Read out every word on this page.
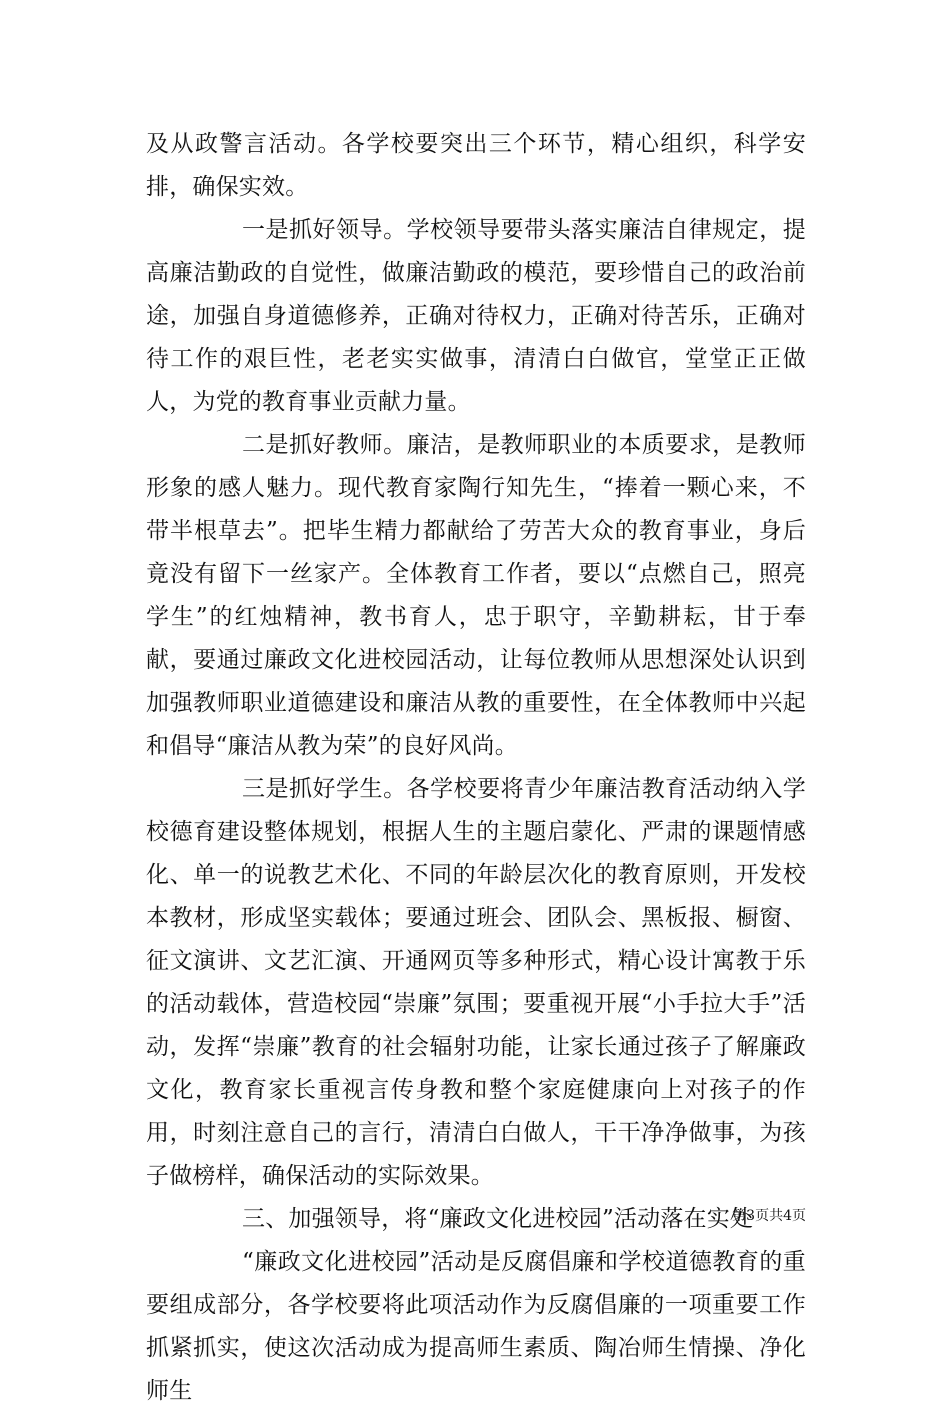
及从政警言活动。各学校要突出三个环节，精心组织，科学安排，确保实效。

一是抓好领导。学校领导要带头落实廉洁自律规定，提高廉洁勤政的自觉性，做廉洁勤政的模范，要珍惜自己的政治前途，加强自身道德修养，正确对待权力，正确对待苦乐，正确对待工作的艰巨性，老老实实做事，清清白白做官，堂堂正正做人，为党的教育事业贡献力量。

二是抓好教师。廉洁，是教师职业的本质要求，是教师形象的感人魅力。现代教育家陶行知先生，“捧着一颗心来，不带半根草去”。把毕生精力都献给了劳苦大众的教育事业，身后竟没有留下一丝家产。全体教育工作者，要以“点燃自己，照亮学生”的红烛精神，教书育人，忠于职守，辛勤耕耘，甘于奉献，要通过廉政文化进校园活动，让每位教师从思想深处认识到加强教师职业道德建设和廉洁从教的重要性，在全体教师中兴起和倡导“廉洁从教为荣”的良好风尚。

三是抓好学生。各学校要将青少年廉洁教育活动纳入学校德育建设整体规划，根据人生的主题启蒙化、严肃的课题情感化、单一的说教艺术化、不同的年龄层次化的教育原则，开发校本教材，形成坚实载体；要通过班会、团队会、黑板报、橱窗、征文演讲、文艺汇演、开通网页等多种形式，精心设计寓教于乐的活动载体，营造校园“崇廉”氛围；要重视开展“小手拉大手”活动，发挥“崇廉”教育的社会辐射功能，让家长通过孩子了解廉政文化，教育家长重视言传身教和整个家庭健康向上对孩子的作用，时刻注意自己的言行，清清白白做人，干干净净做事，为孩子做榜样，确保活动的实际效果。

三、加强领导，将“廉政文化进校园”活动落在实处

“廉政文化进校园”活动是反腐倡廉和学校道德教育的重要组成部分，各学校要将此项活动作为反腐倡廉的一项重要工作抓紧抓实，使这次活动成为提高师生素质、陶冶师生情操、净化师生

第3页共4页
